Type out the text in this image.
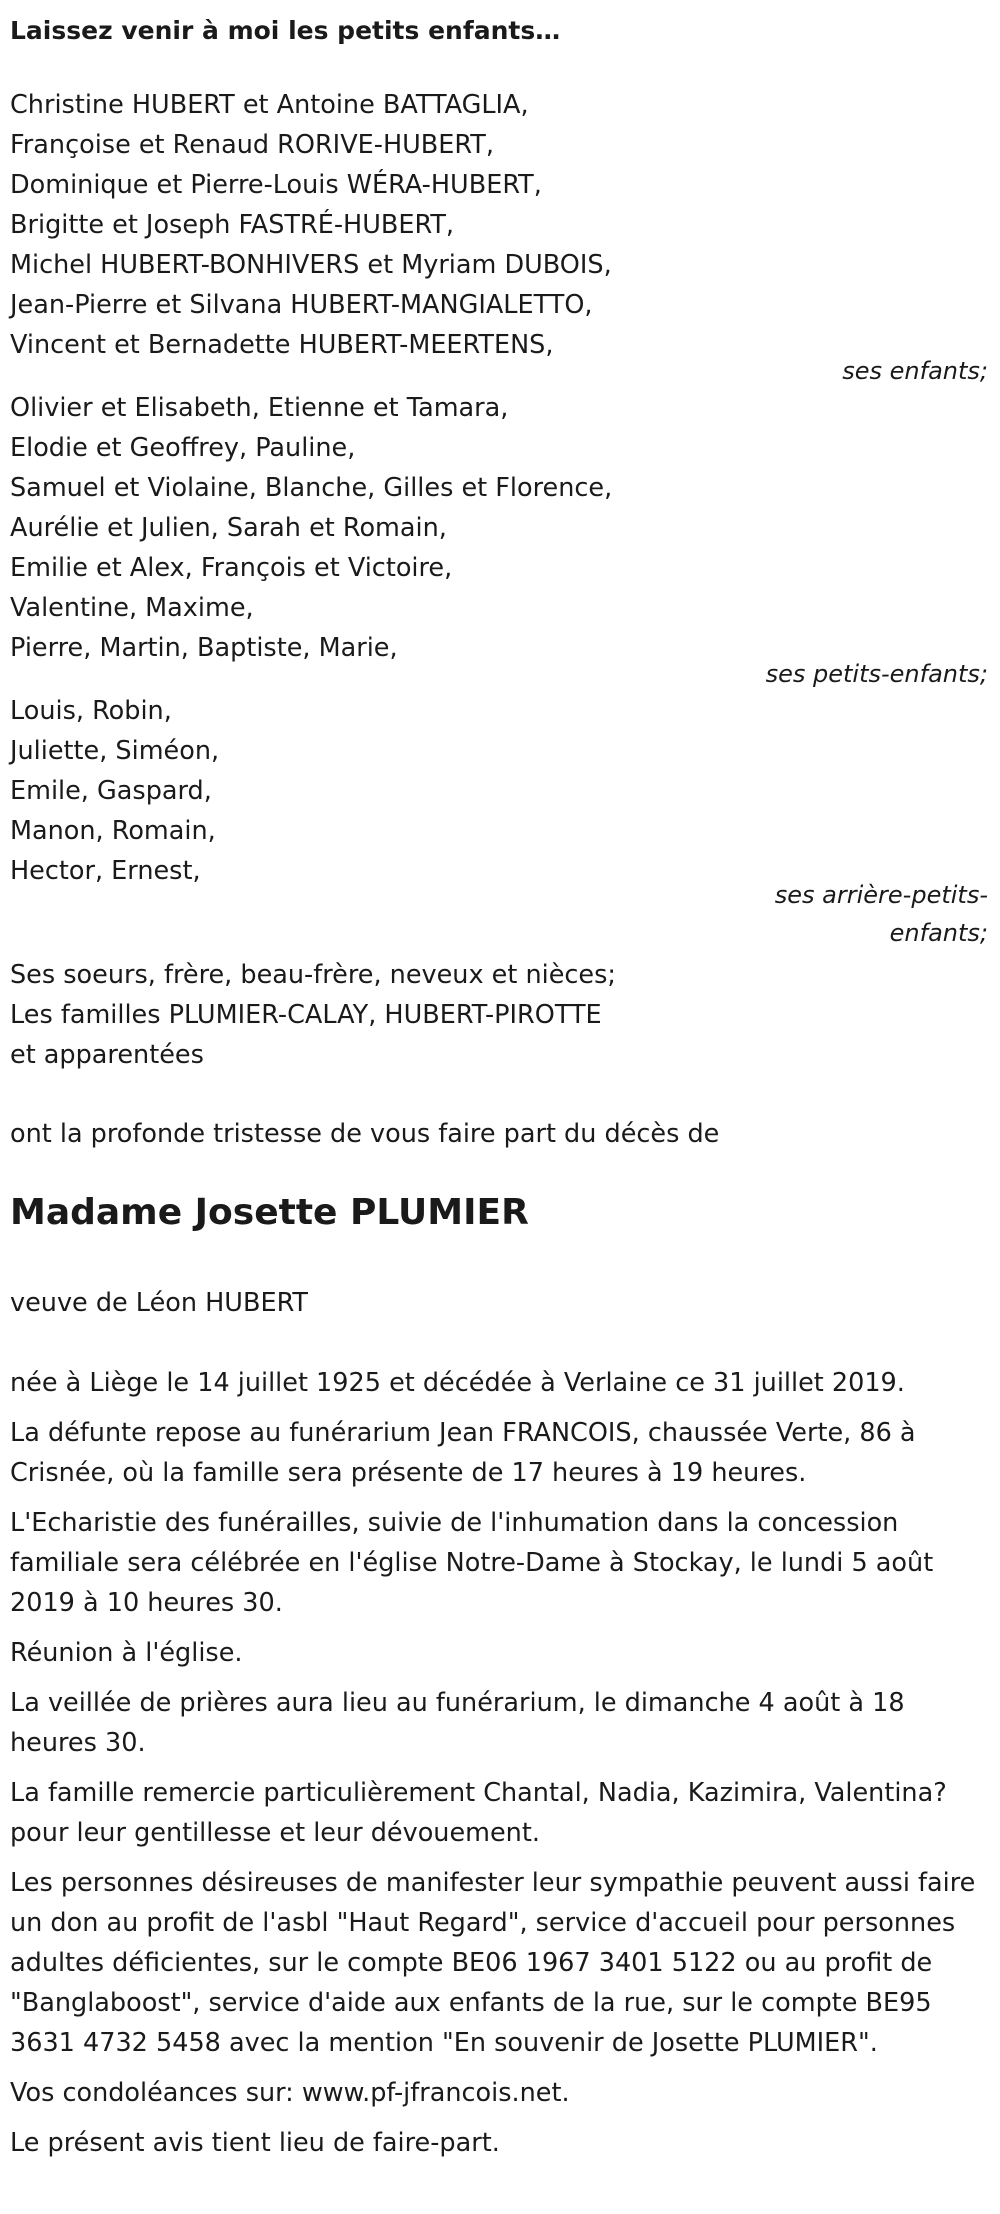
Laissez venir à moi les petits enfants…
Christine HUBERT et Antoine BATTAGLIA,
Françoise et Renaud RORIVE-HUBERT,
Dominique et Pierre-Louis WÉRA-HUBERT,
Brigitte et Joseph FASTRÉ-HUBERT,
Michel HUBERT-BONHIVERS et Myriam DUBOIS,
Jean-Pierre et Silvana HUBERT-MANGIALETTO,
Vincent et Bernadette HUBERT-MEERTENS,
ses enfants;
Olivier et Elisabeth, Etienne et Tamara,
Elodie et Geoffrey, Pauline,
Samuel et Violaine, Blanche, Gilles et Florence,
Aurélie et Julien, Sarah et Romain,
Emilie et Alex, François et Victoire,
Valentine, Maxime,
Pierre, Martin, Baptiste, Marie,
ses petits-enfants;
Louis, Robin,
Juliette, Siméon,
Emile, Gaspard,
Manon, Romain,
Hector, Ernest,
ses arrière-petits-
enfants;
Ses soeurs, frère, beau-frère, neveux et nièces;
Les familles PLUMIER-CALAY, HUBERT-PIROTTE
et apparentées
ont la profonde tristesse de vous faire part du décès de
Madame Josette PLUMIER
veuve de Léon HUBERT

née à Liège le 14 juillet 1925 et décédée à Verlaine ce 31 juillet 2019.

La défunte repose au funérarium Jean FRANCOIS, chaussée Verte, 86 à Crisnée, où la famille sera présente de 17 heures à 19 heures.

L'Echaristie des funérailles, suivie de l'inhumation dans la concession familiale sera célébrée en l'église Notre-Dame à Stockay, le lundi 5 août 2019 à 10 heures 30.

Réunion à l'église.

La veillée de prières aura lieu au funérarium, le dimanche 4 août à 18 heures 30.

La famille remercie particulièrement Chantal, Nadia, Kazimira, Valentina? pour leur gentillesse et leur dévouement.

Les personnes désireuses de manifester leur sympathie peuvent aussi faire un don au profit de l'asbl "Haut Regard", service d'accueil pour personnes adultes déficientes, sur le compte BE06 1967 3401 5122 ou au profit de "Banglaboost", service d'aide aux enfants de la rue, sur le compte BE95 3631 4732 5458 avec la mention "En souvenir de Josette PLUMIER".

Vos condoléances sur: www.pf-jfrancois.net.

Le présent avis tient lieu de faire-part.
